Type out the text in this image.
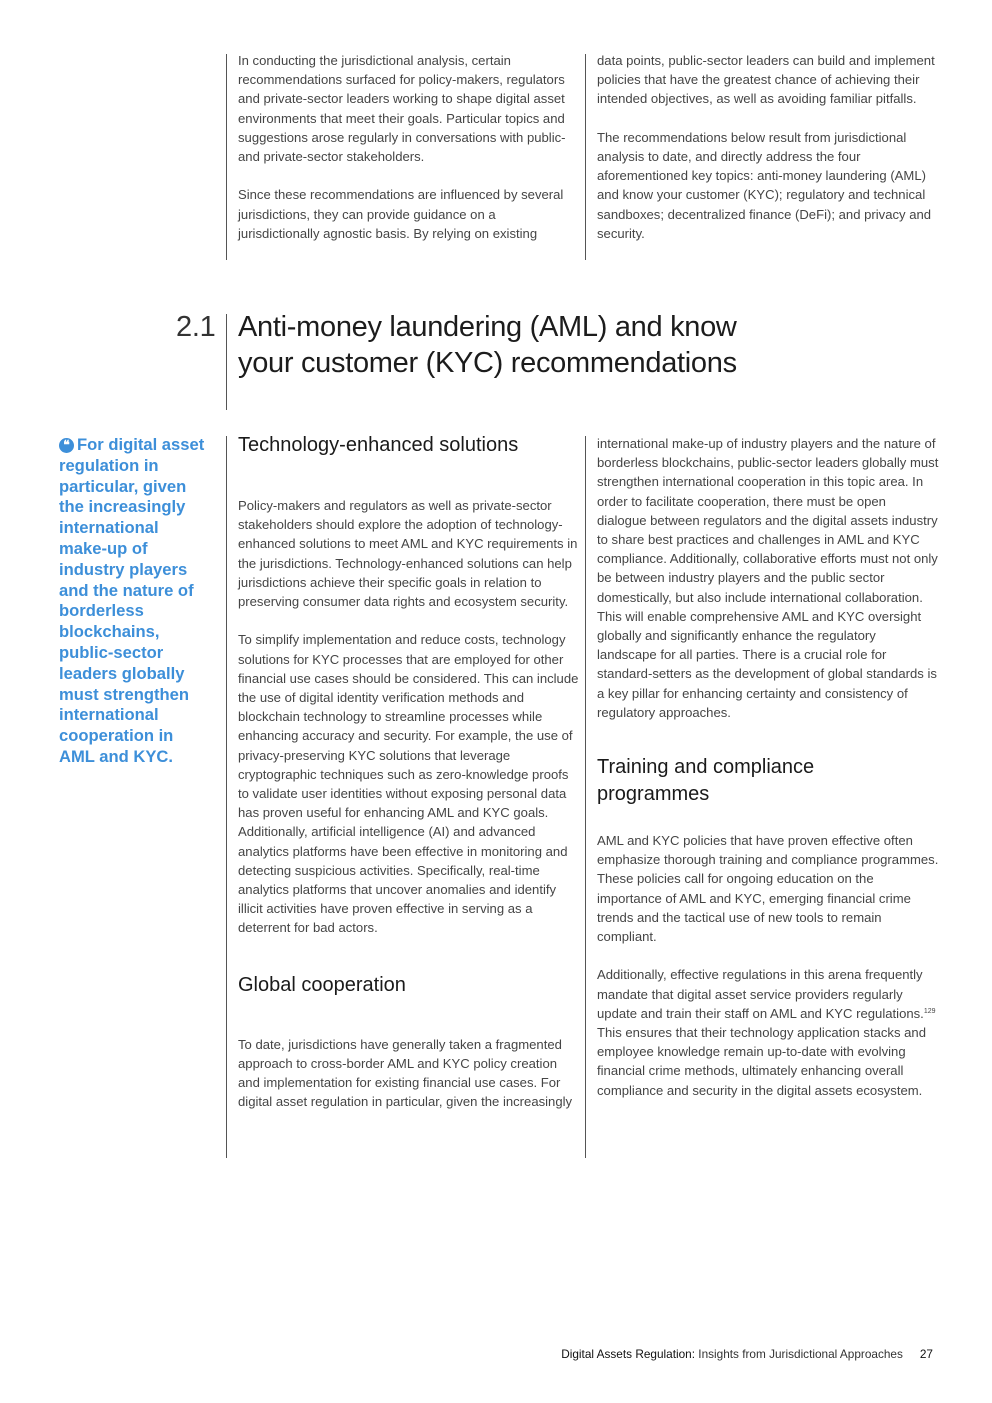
In conducting the jurisdictional analysis, certain recommendations surfaced for policy-makers, regulators and private-sector leaders working to shape digital asset environments that meet their goals. Particular topics and suggestions arose regularly in conversations with public- and private-sector stakeholders.

Since these recommendations are influenced by several jurisdictions, they can provide guidance on a jurisdictionally agnostic basis. By relying on existing

data points, public-sector leaders can build and implement policies that have the greatest chance of achieving their intended objectives, as well as avoiding familiar pitfalls.

The recommendations below result from jurisdictional analysis to date, and directly address the four aforementioned key topics: anti-money laundering (AML) and know your customer (KYC); regulatory and technical sandboxes; decentralized finance (DeFi); and privacy and security.

2.1 Anti-money laundering (AML) and know
your customer (KYC) recommendations
❝ For digital asset regulation in particular, given the increasingly international make-up of industry players and the nature of borderless blockchains, public-sector leaders globally must strengthen international cooperation in AML and KYC.
Technology-enhanced solutions

Policy-makers and regulators as well as private-sector stakeholders should explore the adoption of technology-enhanced solutions to meet AML and KYC requirements in the jurisdictions. Technology-enhanced solutions can help jurisdictions achieve their specific goals in relation to preserving consumer data rights and ecosystem security.

To simplify implementation and reduce costs, technology solutions for KYC processes that are employed for other financial use cases should be considered. This can include the use of digital identity verification methods and blockchain technology to streamline processes while enhancing accuracy and security. For example, the use of privacy-preserving KYC solutions that leverage cryptographic techniques such as zero-knowledge proofs to validate user identities without exposing personal data has proven useful for enhancing AML and KYC goals. Additionally, artificial intelligence (AI) and advanced analytics platforms have been effective in monitoring and detecting suspicious activities. Specifically, real-time analytics platforms that uncover anomalies and identify illicit activities have proven effective in serving as a deterrent for bad actors.

Global cooperation

To date, jurisdictions have generally taken a fragmented approach to cross-border AML and KYC policy creation and implementation for existing financial use cases. For digital asset regulation in particular, given the increasingly

international make-up of industry players and the nature of borderless blockchains, public-sector leaders globally must strengthen international cooperation in this topic area. In order to facilitate cooperation, there must be open dialogue between regulators and the digital assets industry to share best practices and challenges in AML and KYC compliance. Additionally, collaborative efforts must not only be between industry players and the public sector domestically, but also include international collaboration. This will enable comprehensive AML and KYC oversight globally and significantly enhance the regulatory landscape for all parties. There is a crucial role for standard-setters as the development of global standards is a key pillar for enhancing certainty and consistency of regulatory approaches.

Training and compliance programmes

AML and KYC policies that have proven effective often emphasize thorough training and compliance programmes. These policies call for ongoing education on the importance of AML and KYC, emerging financial crime trends and the tactical use of new tools to remain compliant.

Additionally, effective regulations in this arena frequently mandate that digital asset service providers regularly update and train their staff on AML and KYC regulations.$^{129}$ This ensures that their technology application stacks and employee knowledge remain up-to-date with evolving financial crime methods, ultimately enhancing overall compliance and security in the digital assets ecosystem.

Digital Assets Regulation: Insights from Jurisdictional Approaches 27
